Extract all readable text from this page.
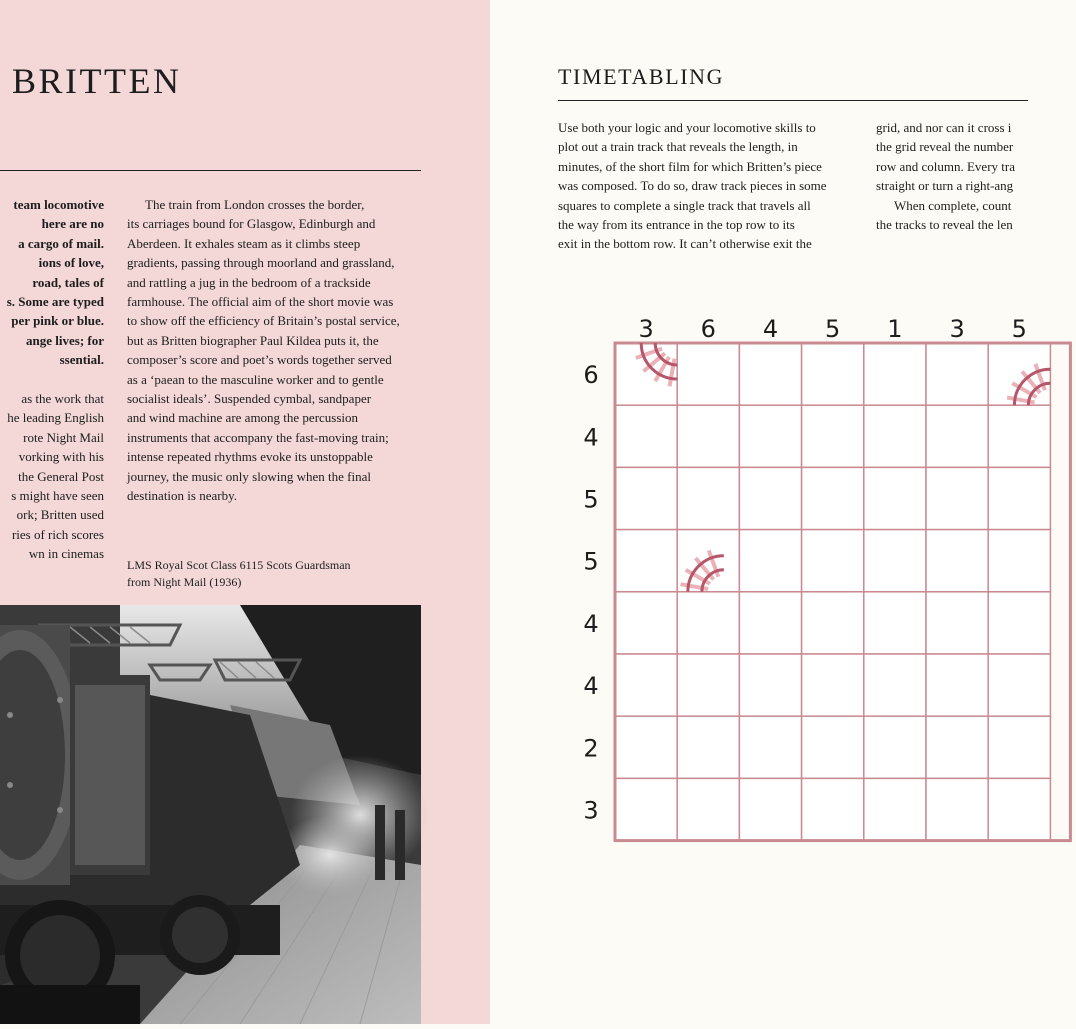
BRITTEN
team locomotive
here are no
a cargo of mail.
ions of love,
road, tales of
s. Some are typed
per pink or blue.
ange lives; for
ssential.
as the work that
he leading English
rote Night Mail
vorking with his
the General Post
s might have seen
ork; Britten used
ries of rich scores
wn in cinemas
The train from London crosses the border,
its carriages bound for Glasgow, Edinburgh and
Aberdeen. It exhales steam as it climbs steep
gradients, passing through moorland and grassland,
and rattling a jug in the bedroom of a trackside
farmhouse. The official aim of the short movie was
to show off the efficiency of Britain’s postal service,
but as Britten biographer Paul Kildea puts it, the
composer’s score and poet’s words together served
as a ‘paean to the masculine worker and to gentle
socialist ideals’. Suspended cymbal, sandpaper
and wind machine are among the percussion
instruments that accompany the fast-moving train;
intense repeated rhythms evoke its unstoppable
journey, the music only slowing when the final
destination is nearby.
LMS Royal Scot Class 6115 Scots Guardsman
from Night Mail (1936)
TIMETABLING
Use both your logic and your locomotive skills to
plot out a train track that reveals the length, in
minutes, of the short film for which Britten’s piece
was composed. To do so, draw track pieces in some
squares to complete a single track that travels all
the way from its entrance in the top row to its
exit in the bottom row. It can’t otherwise exit the
grid, and nor can it cross i
the grid reveal the number
row and column. Every tra
straight or turn a right-ang
When complete, count
the tracks to reveal the len
3 6 4 5 1 3 5
6
4
5
5
4
4
2
3
